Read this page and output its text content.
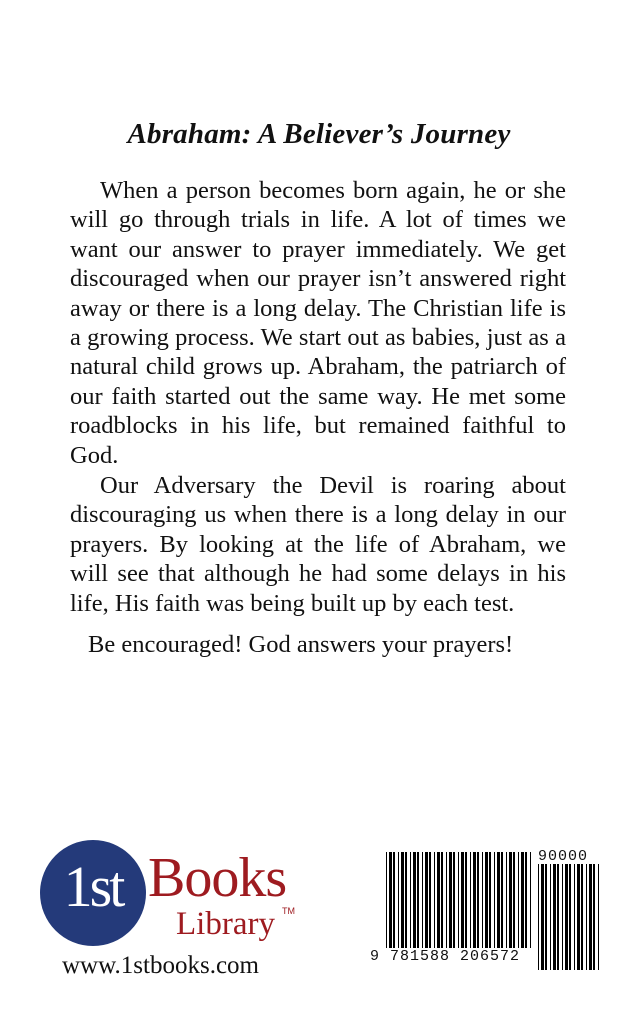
Abraham: A Believer’s Journey

When a person becomes born again, he or she will go through trials in life. A lot of times we want our answer to prayer immediately. We get discouraged when our prayer isn’t answered right away or there is a long delay. The Christian life is a growing process. We start out as babies, just as a natural child grows up. Abraham, the patriarch of our faith started out the same way. He met some roadblocks in his life, but remained faithful to God.

Our Adversary the Devil is roaring about discouraging us when there is a long delay in our prayers. By looking at the life of Abraham, we will see that although he had some delays in his life, His faith was being built up by each test.

Be encouraged! God answers your prayers!

1st Books
Library TM
www.1stbooks.com	9 781588 206572
90000
